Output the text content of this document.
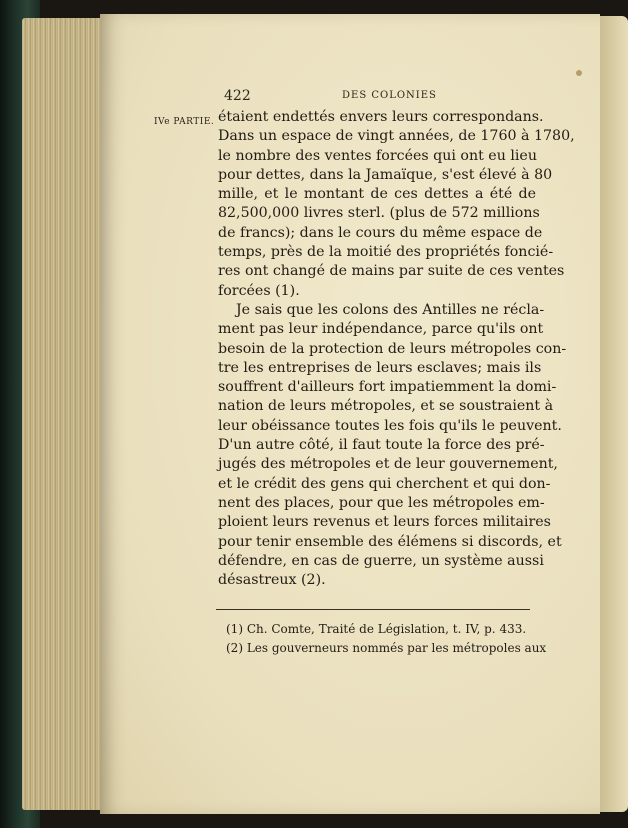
422	DES COLONIES
IVe PARTIE. étaient endettés envers leurs correspondans.
Dans un espace de vingt années, de 1760 à 1780,
le nombre des ventes forcées qui ont eu lieu
pour dettes, dans la Jamaïque, s'est élevé à 80
mille, et le montant de ces dettes a été de
82,500,000 livres sterl. (plus de 572 millions
de francs); dans le cours du même espace de
temps, près de la moitié des propriétés foncié-
res ont changé de mains par suite de ces ventes
forcées (1).
Je sais que les colons des Antilles ne récla-
ment pas leur indépendance, parce qu'ils ont
besoin de la protection de leurs métropoles con-
tre les entreprises de leurs esclaves; mais ils
souffrent d'ailleurs fort impatiemment la domi-
nation de leurs métropoles, et se soustraient à
leur obéissance toutes les fois qu'ils le peuvent.
D'un autre côté, il faut toute la force des pré-
jugés des métropoles et de leur gouvernement,
et le crédit des gens qui cherchent et qui don-
nent des places, pour que les métropoles em-
ploient leurs revenus et leurs forces militaires
pour tenir ensemble des élémens si discords, et
défendre, en cas de guerre, un système aussi
désastreux (2).
(1) Ch. Comte, Traité de Législation, t. IV, p. 433.
(2) Les gouverneurs nommés par les métropoles aux
